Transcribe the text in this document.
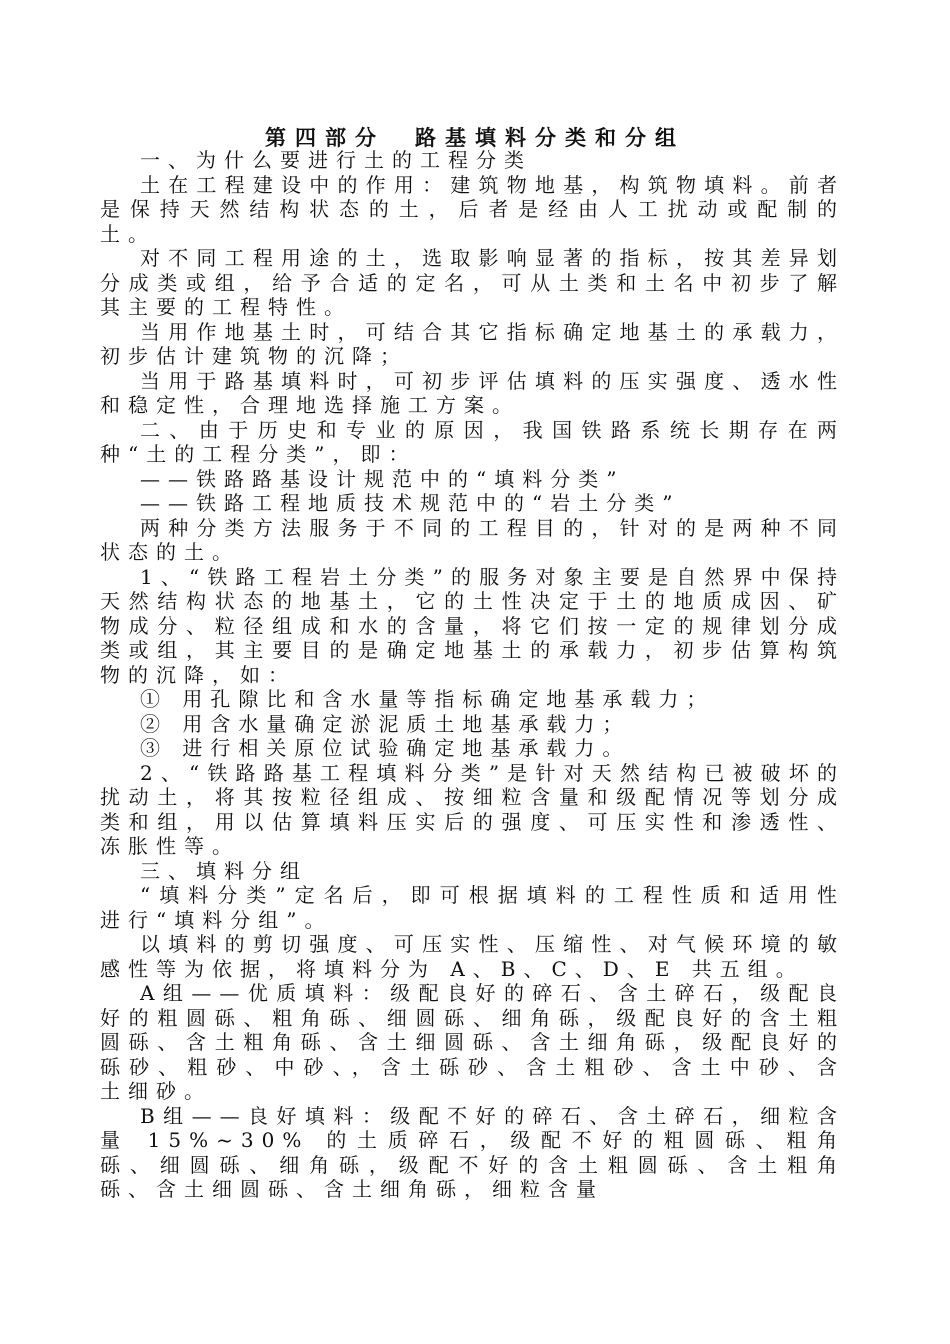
第四部分　路基填料分类和分组

一、为什么要进行土的工程分类

土在工程建设中的作用：建筑物地基，构筑物填料。前者是保持天然结构状态的土，后者是经由人工扰动或配制的土。

对不同工程用途的土，选取影响显著的指标，按其差异划分成类或组，给予合适的定名，可从土类和土名中初步了解其主要的工程特性。

当用作地基土时，可结合其它指标确定地基土的承载力，初步估计建筑物的沉降；

当用于路基填料时，可初步评估填料的压实强度、透水性和稳定性，合理地选择施工方案。

二、由于历史和专业的原因，我国铁路系统长期存在两种“土的工程分类”，即：

——铁路路基设计规范中的“填料分类”

——铁路工程地质技术规范中的“岩土分类”

两种分类方法服务于不同的工程目的，针对的是两种不同状态的土。

1、“铁路工程岩土分类”的服务对象主要是自然界中保持天然结构状态的地基土，它的土性决定于土的地质成因、矿物成分、粒径组成和水的含量，将它们按一定的规律划分成类或组，其主要目的是确定地基土的承载力，初步估算构筑物的沉降，如：

① 用孔隙比和含水量等指标确定地基承载力；

② 用含水量确定淤泥质土地基承载力；

③ 进行相关原位试验确定地基承载力。

2、“铁路路基工程填料分类”是针对天然结构已被破坏的扰动土，将其按粒径组成、按细粒含量和级配情况等划分成类和组，用以估算填料压实后的强度、可压实性和渗透性、冻胀性等。

三、填料分组

“填料分类”定名后，即可根据填料的工程性质和适用性进行“填料分组”。

以填料的剪切强度、可压实性、压缩性、对气候环境的敏感性等为依据，将填料分为 A、B、C、D、E 共五组。

A组——优质填料：级配良好的碎石、含土碎石，级配良好的粗圆砾、粗角砾、细圆砾、细角砾，级配良好的含土粗圆砾、含土粗角砾、含土细圆砾、含土细角砾，级配良好的砾砂、粗砂、中砂、，含土砾砂、含土粗砂、含土中砂、含土细砂。

B组——良好填料：级配不好的碎石、含土碎石，细粒含量 15%~30% 的土质碎石，级配不好的粗圆砾、粗角砾、细圆砾、细角砾，级配不好的含土粗圆砾、含土粗角砾、含土细圆砾、含土细角砾，细粒含量
